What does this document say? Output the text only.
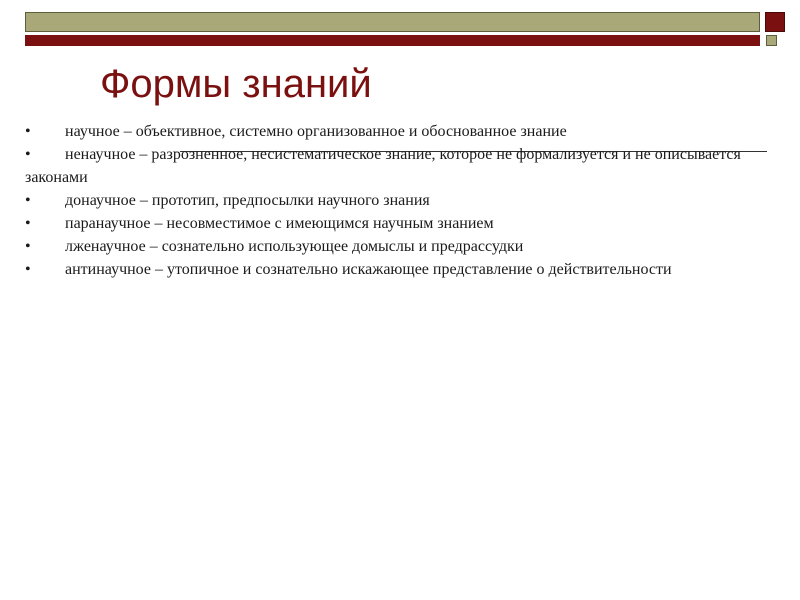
Формы знаний
• научное – объективное, системно организованное и обоснованное знание
• ненаучное – разрозненное, несистематическое знание, которое не формализуется и не описывается законами
• донаучное – прототип, предпосылки научного знания
• паранаучное – несовместимое с имеющимся научным знанием
• лженаучное – сознательно использующее домыслы и предрассудки
• антинаучное – утопичное и сознательно искажающее представление о действительности
